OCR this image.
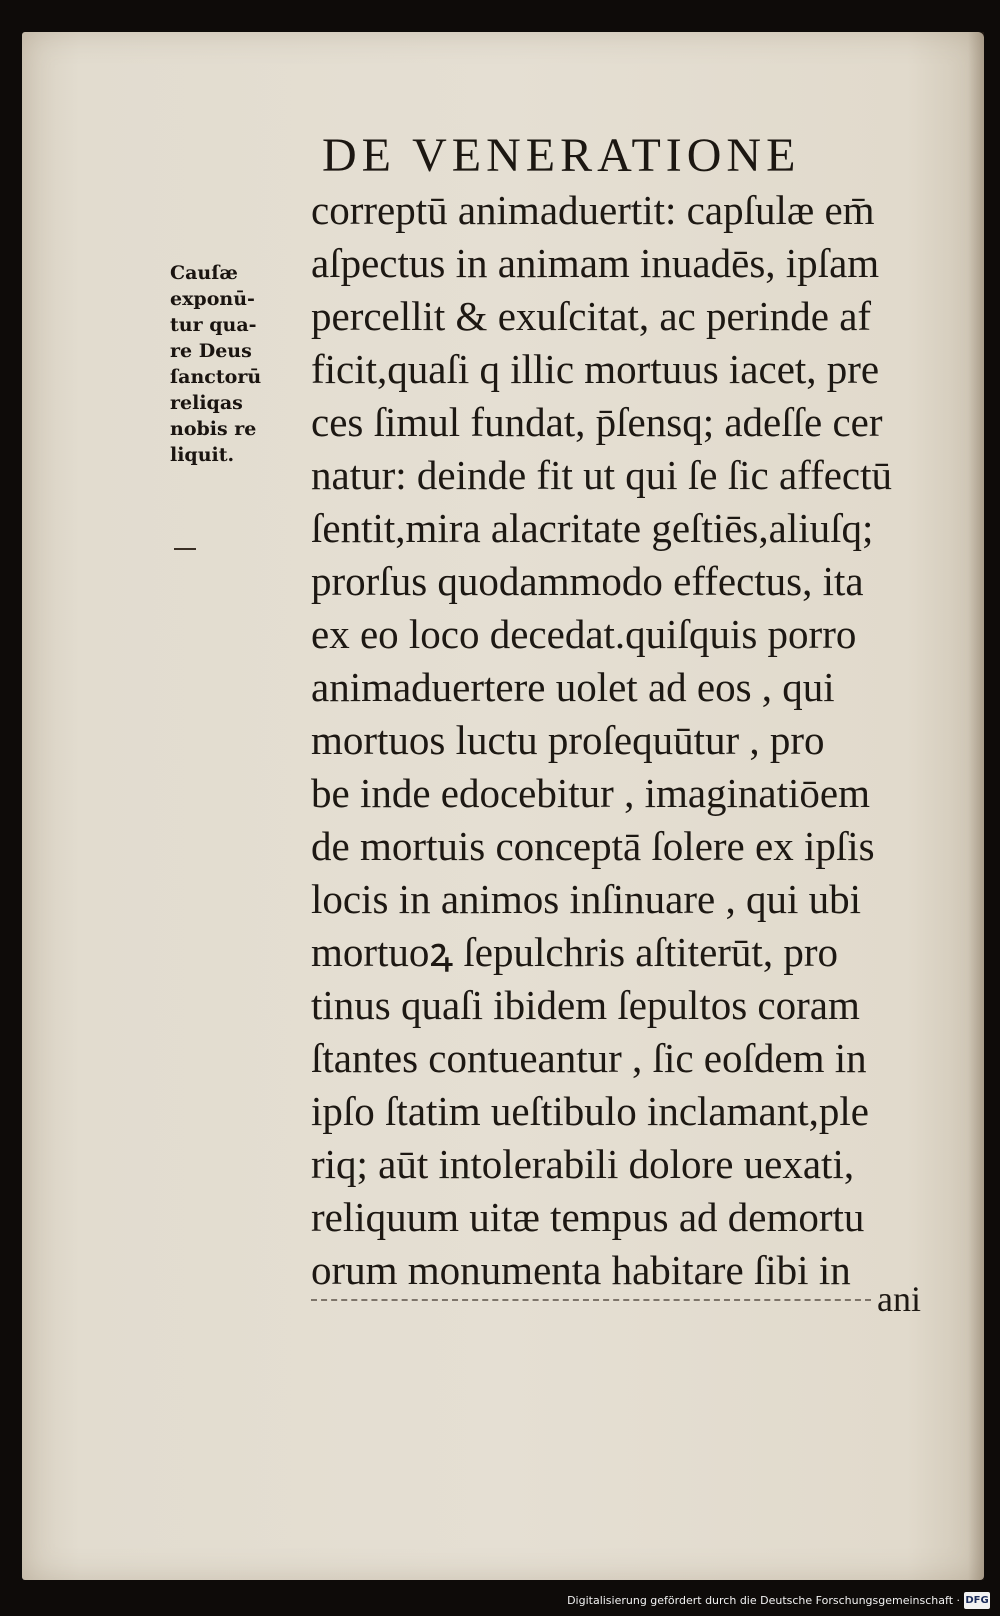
DE VENERATIONE
Cauſæ
exponū-
tur qua-
re Deus
ſanctorū
reliqas
nobis re
liquit.
correptū animaduertit: capſulæ em̄
aſpectus in animam inuadēs, ipſam
percellit & exuſcitat, ac perinde af
ficit,quaſi q illic mortuus iacet, pre
ces ſimul fundat, p̄ſensq; adeſſe cer
natur: deinde fit ut qui ſe ſic affectū
ſentit,mira alacritate geſtiēs,aliuſq;
prorſus quodammodo effectus, ita
ex eo loco decedat.quiſquis porro
animaduertere uolet ad eos , qui
mortuos luctu proſequūtur , pro
be inde edocebitur , imaginatiōem
de mortuis conceptā ſolere ex ipſis
locis in animos inſinuare , qui ubi
mortuoꝝ ſepulchris aſtiterūt, pro
tinus quaſi ibidem ſepultos coram
ſtantes contueantur , ſic eoſdem in
ipſo ſtatim ueſtibulo inclamant,ple
riq; aūt intolerabili dolore uexati,
reliquum uitæ tempus ad demortu
orum monumenta habitare ſibi in
ani
Digitalisierung gefördert durch die Deutsche Forschungsgemeinschaft · DFG
